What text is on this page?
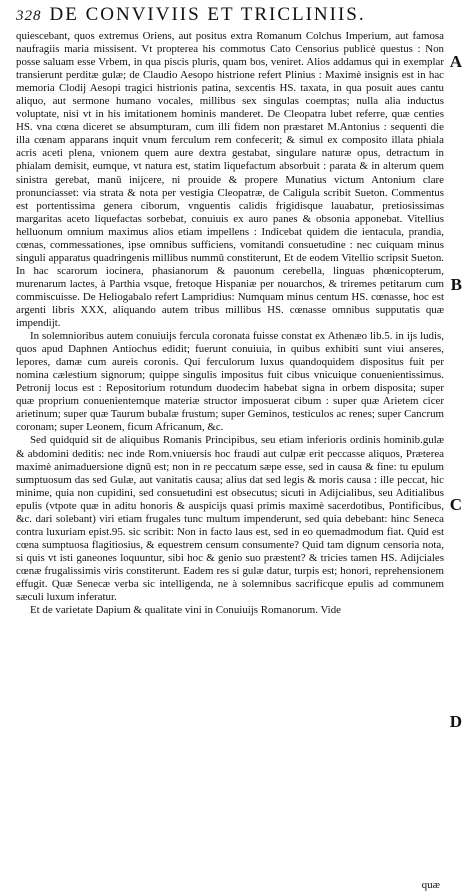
328 DE CONVIVIIS ET TRICLINIIS.

quiescebant, quos extremus Oriens, aut positus extra Romanum Colchus Imperium, aut famosa naufragiis maria missisent. Vt propterea his commotus Cato Censorius publicè questus : Non posse saluam esse Vrbem, in qua piscis pluris, quam bos, veniret. Alios addamus qui in exemplar transierunt perditæ gulæ; de Claudio Aesopo histrione refert Plinius : Maximè insignis est in hac memoria Clodij Aesopi tragici histrionis patina, sexcentis HS. taxata, in qua posuit aues cantu aliquo, aut sermone humano vocales, millibus sex singulas coemptas; nulla alia inductus voluptate, nisi vt in his imitationem hominis manderet. De Cleopatra lubet referre, quæ centies HS. vna cœna diceret se absumpturam, cum illi fidem non præstaret M.Antonius : sequenti die illa cœnam apparans inquit vnum ferculum rem confecerit; & simul ex composito illata phiala acris aceti plena, vnionem quem aure dextra gestabat, singulare naturæ opus, detractum in phialam demisit, eumque, vt natura est, statim liquefactum absorbuit : parata & in alterum quem sinistra gerebat, manū inijcere, ni prouide & propere Munatius victum Antonium clare pronunciasset: via strata & nota per vestigia Cleopatræ, de Caligula scribit Sueton. Commentus est portentissima genera ciborum, vnguentis calidis frigidisque lauabatur, pretiosissimas margaritas aceto liquefactas sorbebat, conuiuis ex auro panes & obsonia apponebat. Vitellius helluonum omnium maximus alios etiam impellens : Indicebat quidem die ientacula, prandia, cœnas, commessationes, ipse omnibus sufficiens, vomitandi consuetudine : nec cuiquam minus singuli apparatus quadringenis millibus nummū constiterunt, Et de eodem Vitellio scripsit Sueton. In hac scarorum iocinera, phasianorum & pauonum cerebella, linguas phœnicopterum, murenarum lactes, à Parthia vsque, fretoque Hispaniæ per nouarchos, & triremes petitarum cum commiscuisse. De Heliogabalo refert Lampridius: Numquam minus centum HS. cœnasse, hoc est argenti libris XXX, aliquando autem tribus millibus HS. cœnasse omnibus supputatis quæ impendijt.

In solemnioribus autem conuiuijs fercula coronata fuisse constat ex Athenæo lib.5. in ijs ludis, quos apud Daphnen Antiochus edidit; fuerunt conuiuia, in quibus exhibiti sunt viui anseres, lepores, damæ cum aureis coronis. Qui ferculorum luxus quandoquidem dispositus fuit per nomina cælestium signorum; quippe singulis impositus fuit cibus vnicuique conuenientissimus. Petronij locus est : Repositorium rotundum duodecim habebat signa in orbem disposita; super quæ proprium conuenientemque materiæ structor imposuerat cibum : super quæ Arietem cicer arietinum; super quæ Taurum bubalæ frustum; super Geminos, testiculos ac renes; super Cancrum coronam; super Leonem, ficum Africanum, &c.

Sed quidquid sit de aliquibus Romanis Principibus, seu etiam inferioris ordinis hominib.gulæ & abdomini deditis: nec inde Rom.vniuersis hoc fraudi aut culpæ erit peccasse aliquos, Præterea maximè animaduersione dignū est; non in re peccatum sæpe esse, sed in causa & fine: tu epulum sumptuosum das sed Gulæ, aut vanitatis causa; alius dat sed legis & moris causa : ille peccat, hic minime, quia non cupidini, sed consuetudini est obsecutus; sicuti in Adijcialibus, seu Aditialibus epulis (vtpote quæ in aditu honoris & auspicijs quasi primis maximè sacerdotibus, Pontificibus, &c. dari solebant) viri etiam frugales tunc multum impenderunt, sed quia debebant: hinc Seneca contra luxuriam epist.95. sic scribit: Non in facto laus est, sed in eo quemadmodum fiat. Quid est cœna sumptuosa flagitiosius, & equestrem censum consumente? Quid tam dignum censoria nota, si quis vt isti ganeones loquuntur, sibi hoc & genio suo præstent? & tricies tamen HS. Adijciales cœnæ frugalissimis viris constiterunt. Eadem res si gulæ datur, turpis est; honori, reprehensionem effugit. Quæ Senecæ verba sic intelligenda, ne à solemnibus sacrificque epulis ad communem sæculi luxum inferatur.

Et de varietate Dapium & qualitate vini in Conuiuijs Romanorum. Vide

A
B
C
D
quæ
